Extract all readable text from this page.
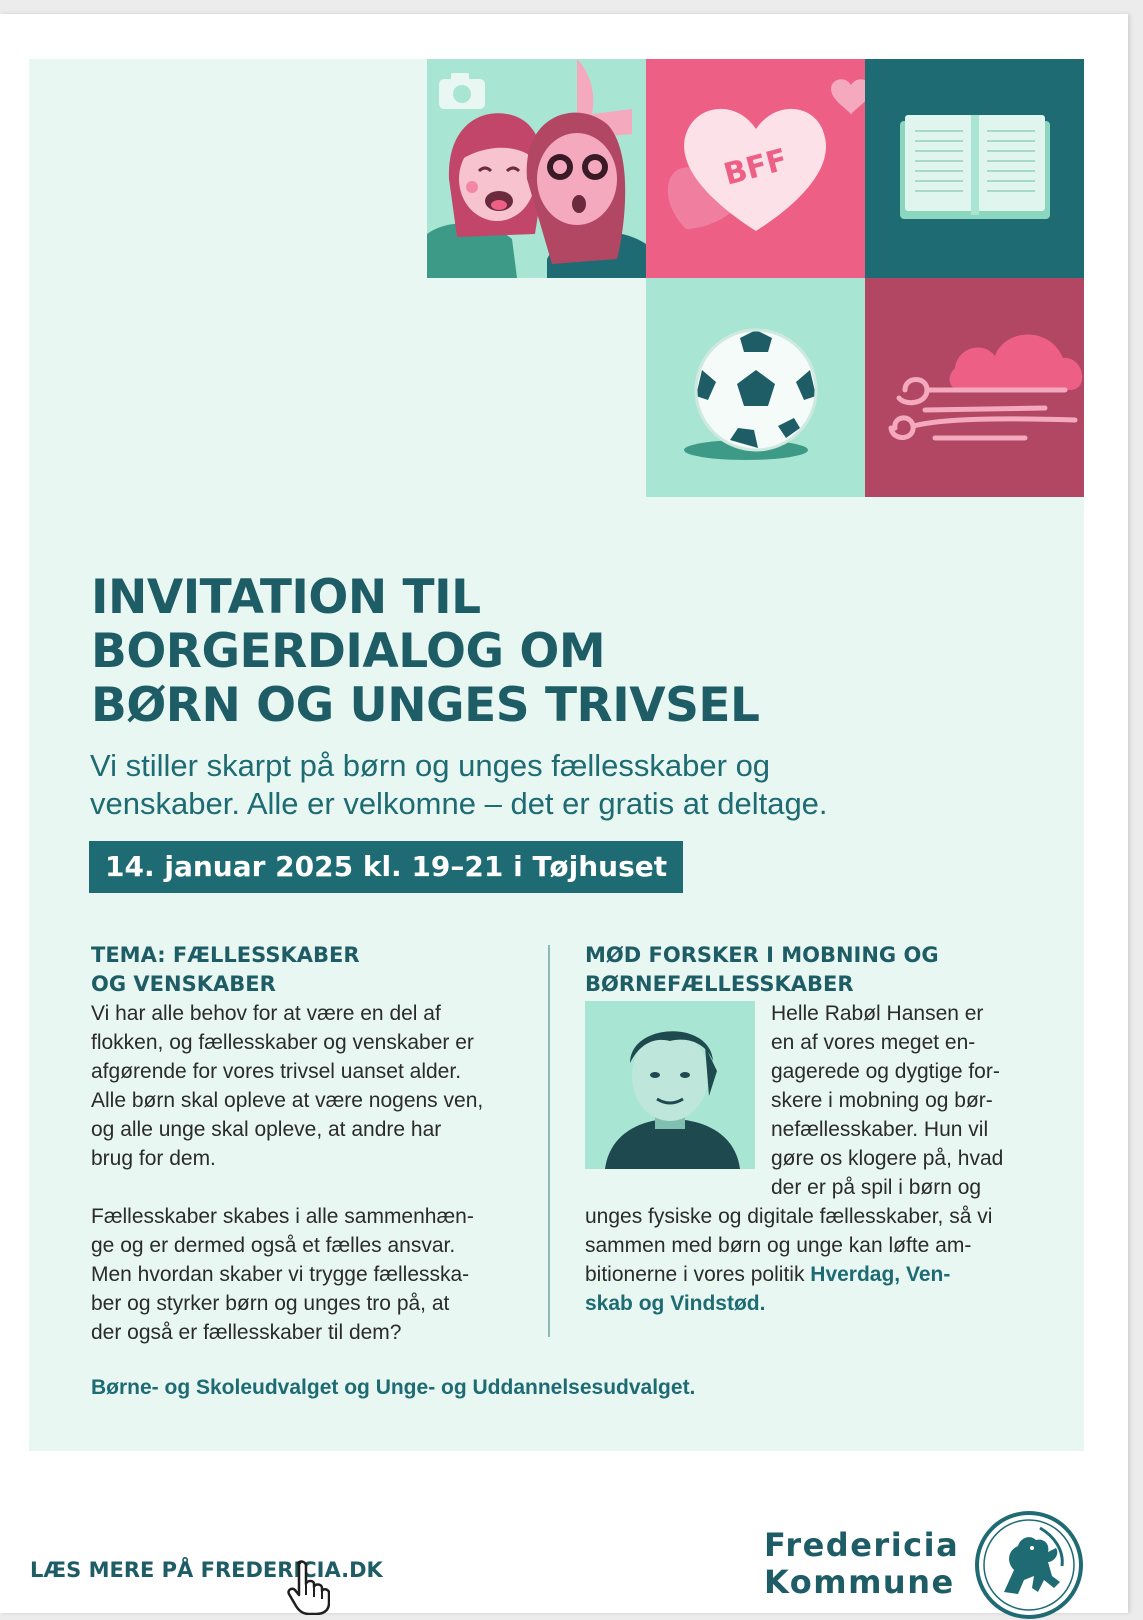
BFF
INVITATION TIL
BORGERDIALOG OM
BØRN OG UNGES TRIVSEL

Vi stiller skarpt på børn og unges fællesskaber og
venskaber. Alle er velkomne – det er gratis at deltage.

14. januar 2025 kl. 19–21 i Tøjhuset
TEMA: FÆLLESSKABER
OG VENSKABER

Vi har alle behov for at være en del af
flokken, og fællesskaber og venskaber er
afgørende for vores trivsel uanset alder.
Alle børn skal opleve at være nogens ven,
og alle unge skal opleve, at andre har
brug for dem.

Fællesskaber skabes i alle sammenhæn-
ge og er dermed også et fælles ansvar.
Men hvordan skaber vi trygge fællesska-
ber og styrker børn og unges tro på, at
der også er fællesskaber til dem?

MØD FORSKER I MOBNING OG
BØRNEFÆLLESSKABER

Helle Rabøl Hansen er
en af vores meget en-
gagerede og dygtige for-
skere i mobning og bør-
nefællesskaber. Hun vil
gøre os klogere på, hvad
der er på spil i børn og
unges fysiske og digitale fællesskaber, så vi
sammen med børn og unge kan løfte am-
bitionerne i vores politik Hverdag, Ven-
skab og Vindstød.

Børne- og Skoleudvalget og Unge- og Uddannelsesudvalget.

LÆS MERE PÅ FREDERICIA.DK
Fredericia
Kommune
